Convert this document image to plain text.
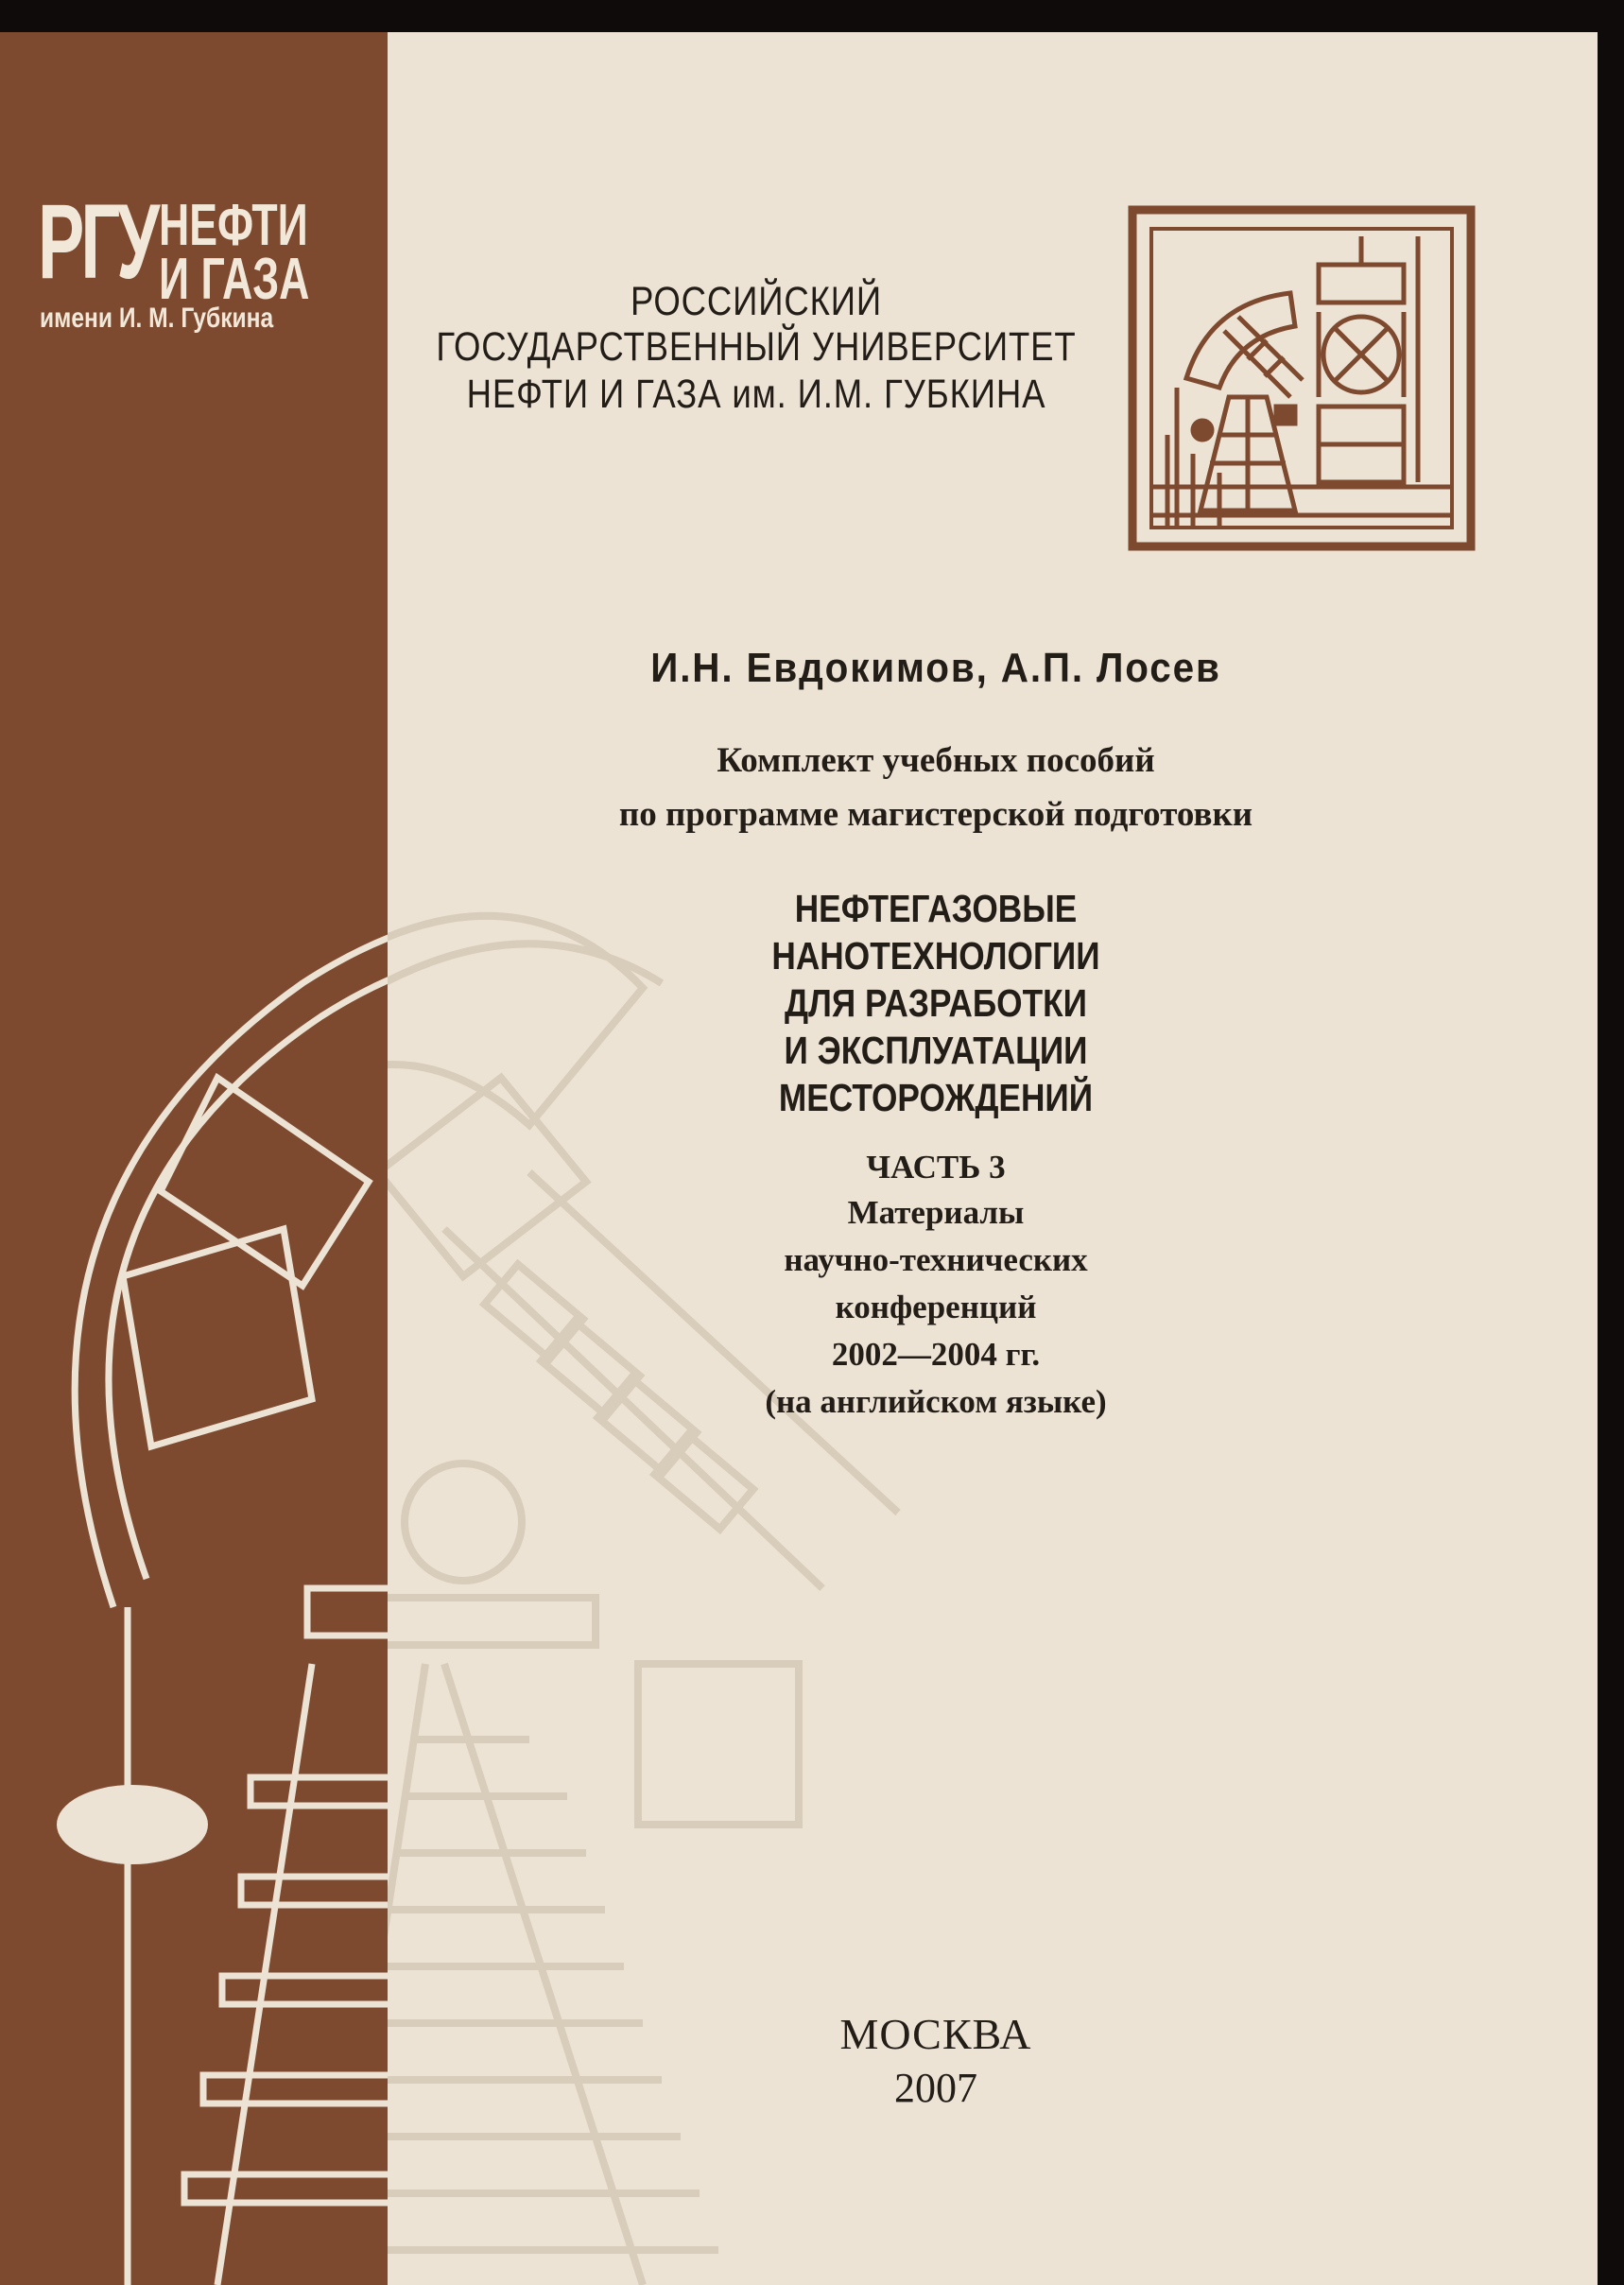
РГУ НЕФТИ
И ГАЗА
имени И. М. Губкина	РОССИЙСКИЙ
ГОСУДАРСТВЕННЫЙ УНИВЕРСИТЕТ
НЕФТИ И ГАЗА им. И.М. ГУБКИНА
И.Н. Евдокимов, А.П. Лосев
Комплект учебных пособий
по программе магистерской подготовки
НЕФТЕГАЗОВЫЕ
НАНОТЕХНОЛОГИИ
ДЛЯ РАЗРАБОТКИ
И ЭКСПЛУАТАЦИИ
МЕСТОРОЖДЕНИЙ
ЧАСТЬ 3
Материалы
научно-технических
конференций
2002—2004 гг.
(на английском языке)
МОСКВА
2007
